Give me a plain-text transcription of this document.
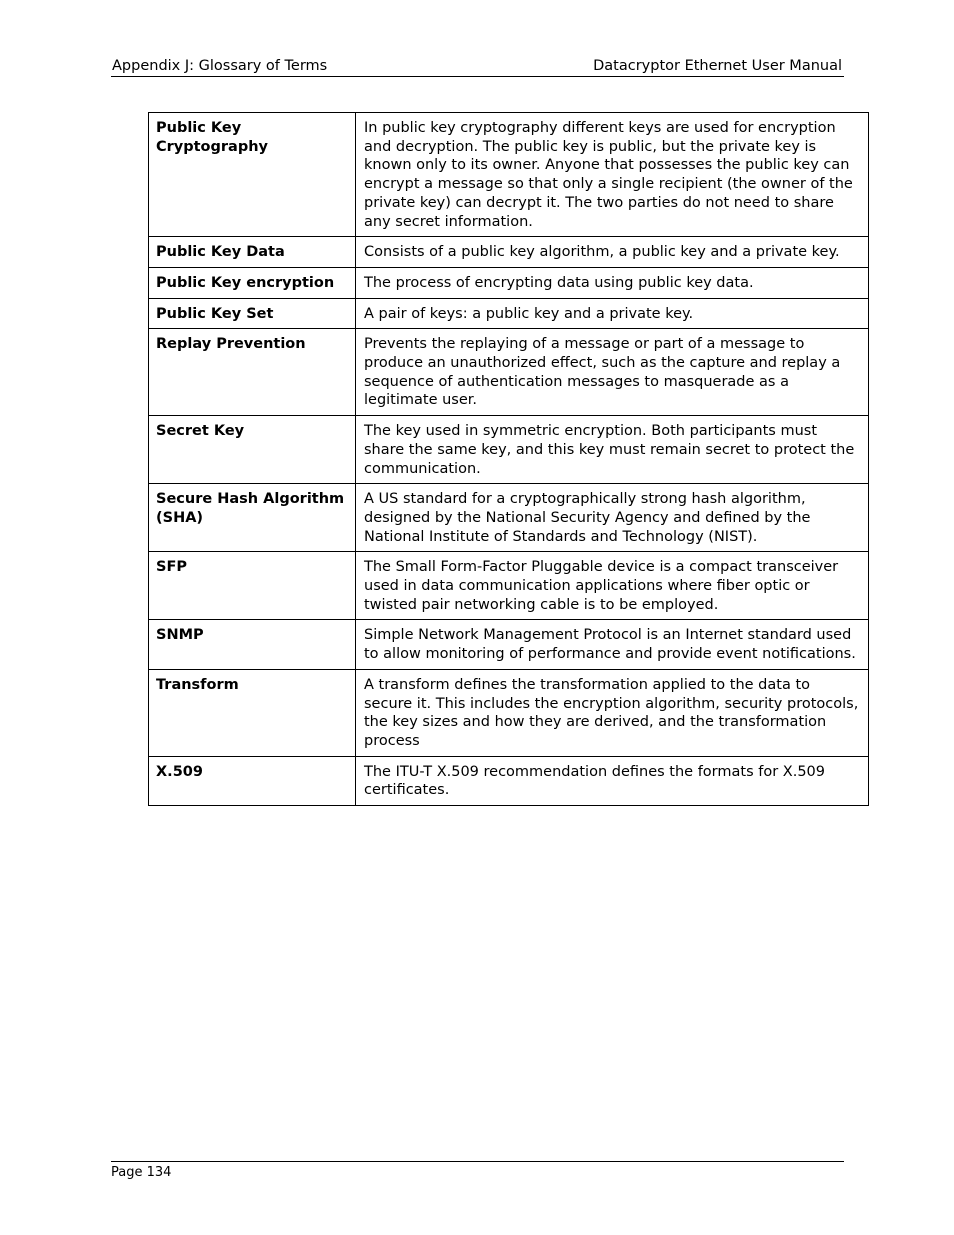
Appendix J: Glossary of Terms	Datacryptor Ethernet User Manual
Public Key Cryptography	In public key cryptography different keys are used for encryption and decryption. The public key is public, but the private key is known only to its owner. Anyone that possesses the public key can encrypt a message so that only a single recipient (the owner of the private key) can decrypt it. The two parties do not need to share any secret information.
Public Key Data	Consists of a public key algorithm, a public key and a private key.
Public Key encryption	The process of encrypting data using public key data.
Public Key Set	A pair of keys: a public key and a private key.
Replay Prevention	Prevents the replaying of a message or part of a message to produce an unauthorized effect, such as the capture and replay a sequence of authentication messages to masquerade as a legitimate user.
Secret Key	The key used in symmetric encryption. Both participants must share the same key, and this key must remain secret to protect the communication.
Secure Hash Algorithm (SHA)	A US standard for a cryptographically strong hash algorithm, designed by the National Security Agency and defined by the National Institute of Standards and Technology (NIST).
SFP	The Small Form-Factor Pluggable device is a compact transceiver used in data communication applications where fiber optic or twisted pair networking cable is to be employed.
SNMP	Simple Network Management Protocol is an Internet standard used to allow monitoring of performance and provide event notifications.
Transform	A transform defines the transformation applied to the data to secure it. This includes the encryption algorithm, security protocols, the key sizes and how they are derived, and the transformation process
X.509	The ITU-T X.509 recommendation defines the formats for X.509 certificates.
Page 134
